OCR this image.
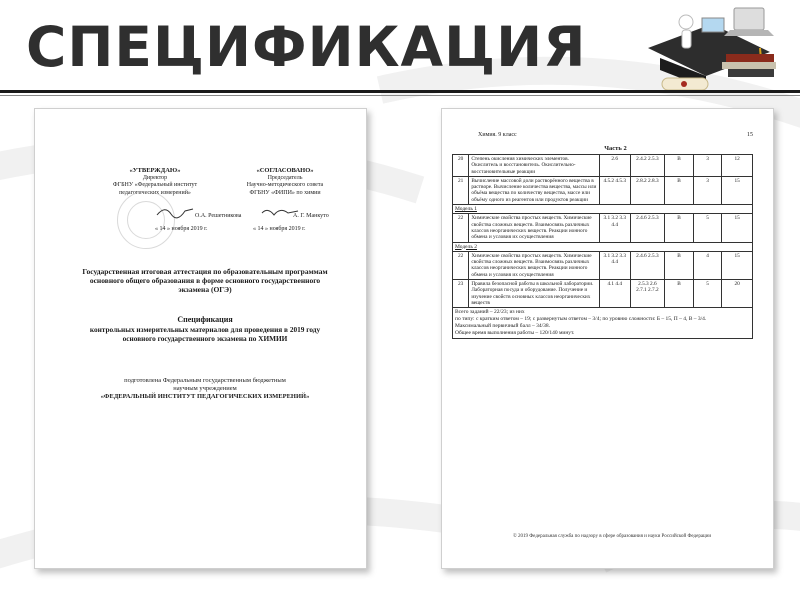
СПЕЦИФИКАЦИЯ
«УТВЕРЖДАЮ»
Директор
ФГБНУ «Федеральный институт
педагогических измерений»
«СОГЛАСОВАНО»
Председатель
Научно-методического совета
ФГБНУ «ФИПИ» по химии
О.А. Решетникова	А. Г. Манкуто
« 14 » ноября 2019 г.	« 14 » ноября 2019 г.
Государственная итоговая аттестация по образовательным программам основного общего образования в форме основного государственного экзамена (ОГЭ)
Спецификация
контрольных измерительных материалов для проведения в 2019 году основного государственного экзамена по ХИМИИ
подготовлена Федеральным государственным бюджетным
научным учреждением
«ФЕДЕРАЛЬНЫЙ ИНСТИТУТ ПЕДАГОГИЧЕСКИХ ИЗМЕРЕНИЙ»
Химия. 9 класс	15
Часть 2
20	Степень окисления химических элементов. Окислитель и восстановитель. Окислительно-восстановительные реакции	2.6	2.4.2 2.5.3	В	3	12
21	Вычисление массовой доли растворённого вещества в растворе. Вычисление количества вещества, массы или объёма вещества по количеству вещества, массе или объёму одного из реагентов или продуктов реакции	4.5.2 4.5.3	2.8.2 2.8.3	В	3	15
Модель 1						
22	Химические свойства простых веществ. Химические свойства сложных веществ. Взаимосвязь различных классов неорганических веществ. Реакции ионного обмена и условия их осуществления	3.1 3.2 3.3 4.4	2.4.6 2.5.3	В	5	15
Модель 2						
22	Химические свойства простых веществ. Химические свойства сложных веществ. Взаимосвязь различных классов неорганических веществ. Реакции ионного обмена и условия их осуществления	3.1 3.2 3.3 4.4	2.4.6 2.5.3	В	4	15
23	Правила безопасной работы в школьной лаборатории. Лабораторная посуда и оборудование. Получение и изучение свойств основных классов неорганических веществ	4.1 4.4	2.5.3 2.6 2.7.1 2.7.2	В	5	20

Всего заданий – 22/23; из них
по типу: с кратким ответом – 19; с развернутым ответом – 3/4; по уровню сложности: Б – 15, П – 4, В – 3/4.
Максимальный первичный балл – 34/38.
Общее время выполнения работы – 120/140 минут.						
© 2019 Федеральная служба по надзору в сфере образования и науки Российской Федерации
